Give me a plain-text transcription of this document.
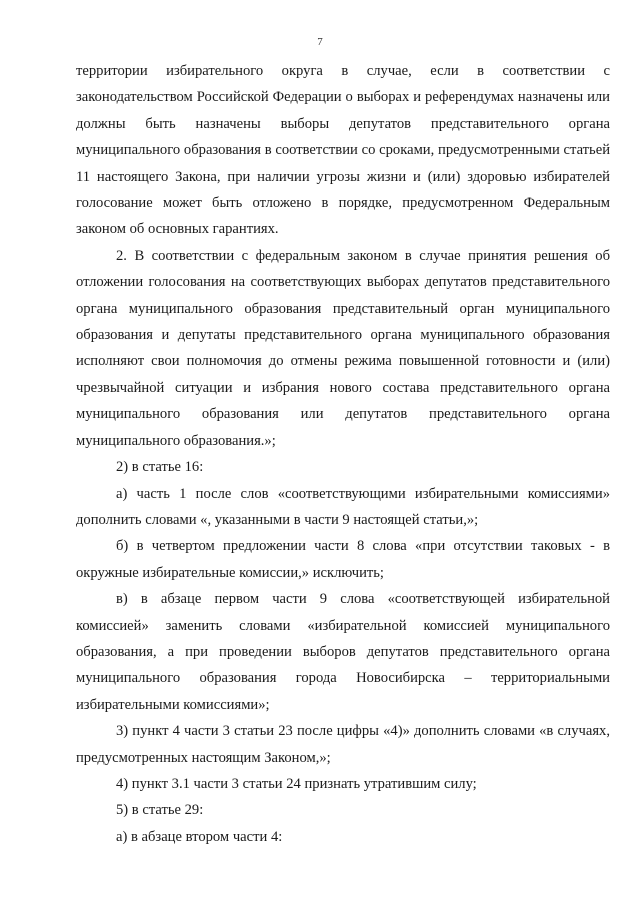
7

территории избирательного округа в случае, если в соответствии с законодательством Российской Федерации о выборах и референдумах назначены или должны быть назначены выборы депутатов представительного органа муниципального образования в соответствии со сроками, предусмотренными статьей 11 настоящего Закона, при наличии угрозы жизни и (или) здоровью избирателей голосование может быть отложено в порядке, предусмотренном Федеральным законом об основных гарантиях.

2. В соответствии с федеральным законом в случае принятия решения об отложении голосования на соответствующих выборах депутатов представительного органа муниципального образования представительный орган муниципального образования и депутаты представительного органа муниципального образования исполняют свои полномочия до отмены режима повышенной готовности и (или) чрезвычайной ситуации и избрания нового состава представительного органа муниципального образования или депутатов представительного органа муниципального образования.»;

2) в статье 16:

а) часть 1 после слов «соответствующими избирательными комиссиями» дополнить словами «, указанными в части 9 настоящей статьи,»;

б) в четвертом предложении части 8 слова «при отсутствии таковых - в окружные избирательные комиссии,» исключить;

в) в абзаце первом части 9 слова «соответствующей избирательной комиссией» заменить словами «избирательной комиссией муниципального образования, а при проведении выборов депутатов представительного органа муниципального образования города Новосибирска – территориальными избирательными комиссиями»;

3) пункт 4 части 3 статьи 23 после цифры «4)» дополнить словами «в случаях, предусмотренных настоящим Законом,»;

4) пункт 3.1 части 3 статьи 24 признать утратившим силу;

5) в статье 29:

а) в абзаце втором части 4:
